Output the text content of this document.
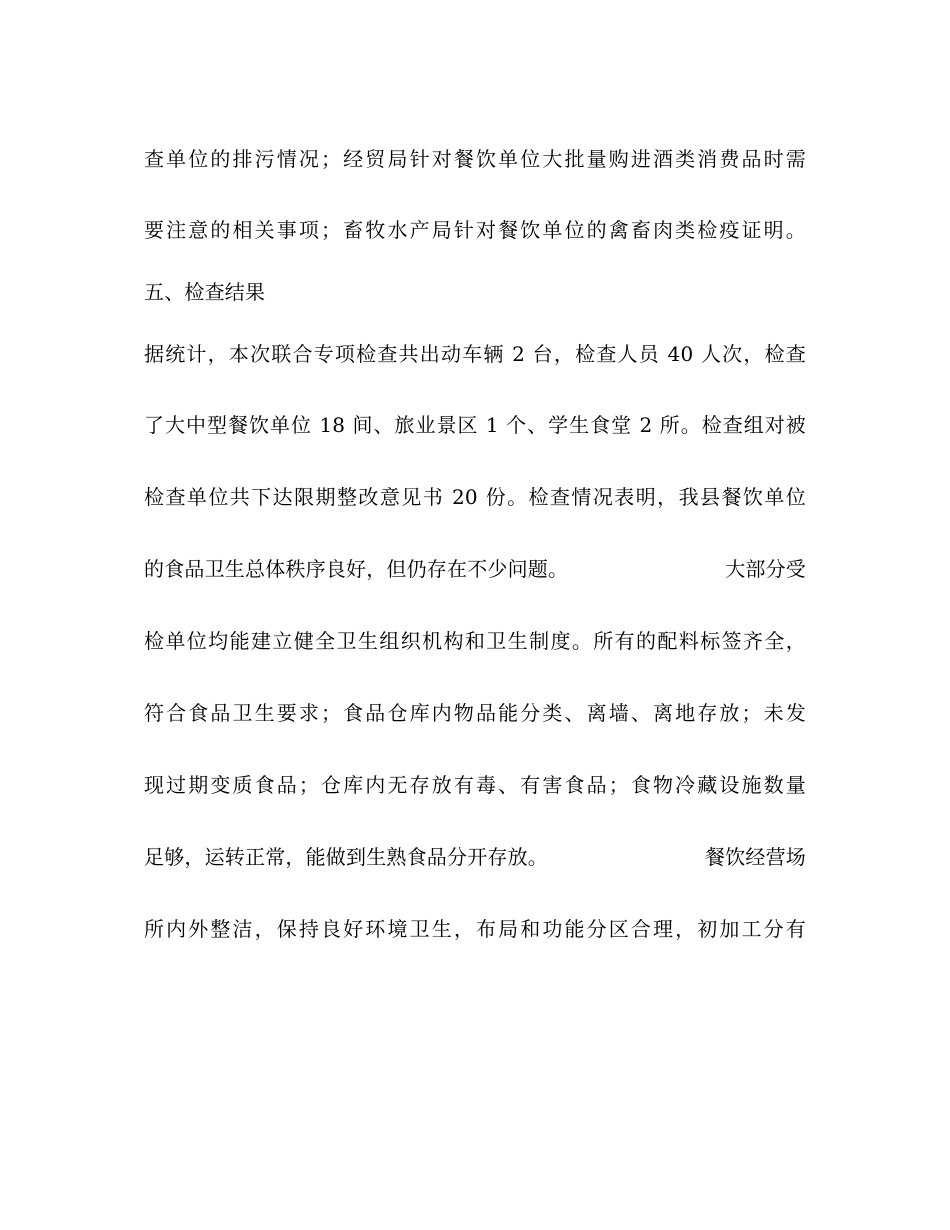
查单位的排污情况；经贸局针对餐饮单位大批量购进酒类消费品时需

要注意的相关事项；畜牧水产局针对餐饮单位的禽畜肉类检疫证明。

五、检查结果

据统计，本次联合专项检查共出动车辆 2 台，检查人员 40 人次，检查

了大中型餐饮单位 18 间、旅业景区 1 个、学生食堂 2 所。检查组对被

检查单位共下达限期整改意见书 20 份。检查情况表明，我县餐饮单位

的食品卫生总体秩序良好，但仍存在不少问题。	大部分受

检单位均能建立健全卫生组织机构和卫生制度。所有的配料标签齐全，

符合食品卫生要求；食品仓库内物品能分类、离墙、离地存放；未发

现过期变质食品；仓库内无存放有毒、有害食品；食物冷藏设施数量

足够，运转正常，能做到生熟食品分开存放。	餐饮经营场

所内外整洁，保持良好环境卫生，布局和功能分区合理，初加工分有
